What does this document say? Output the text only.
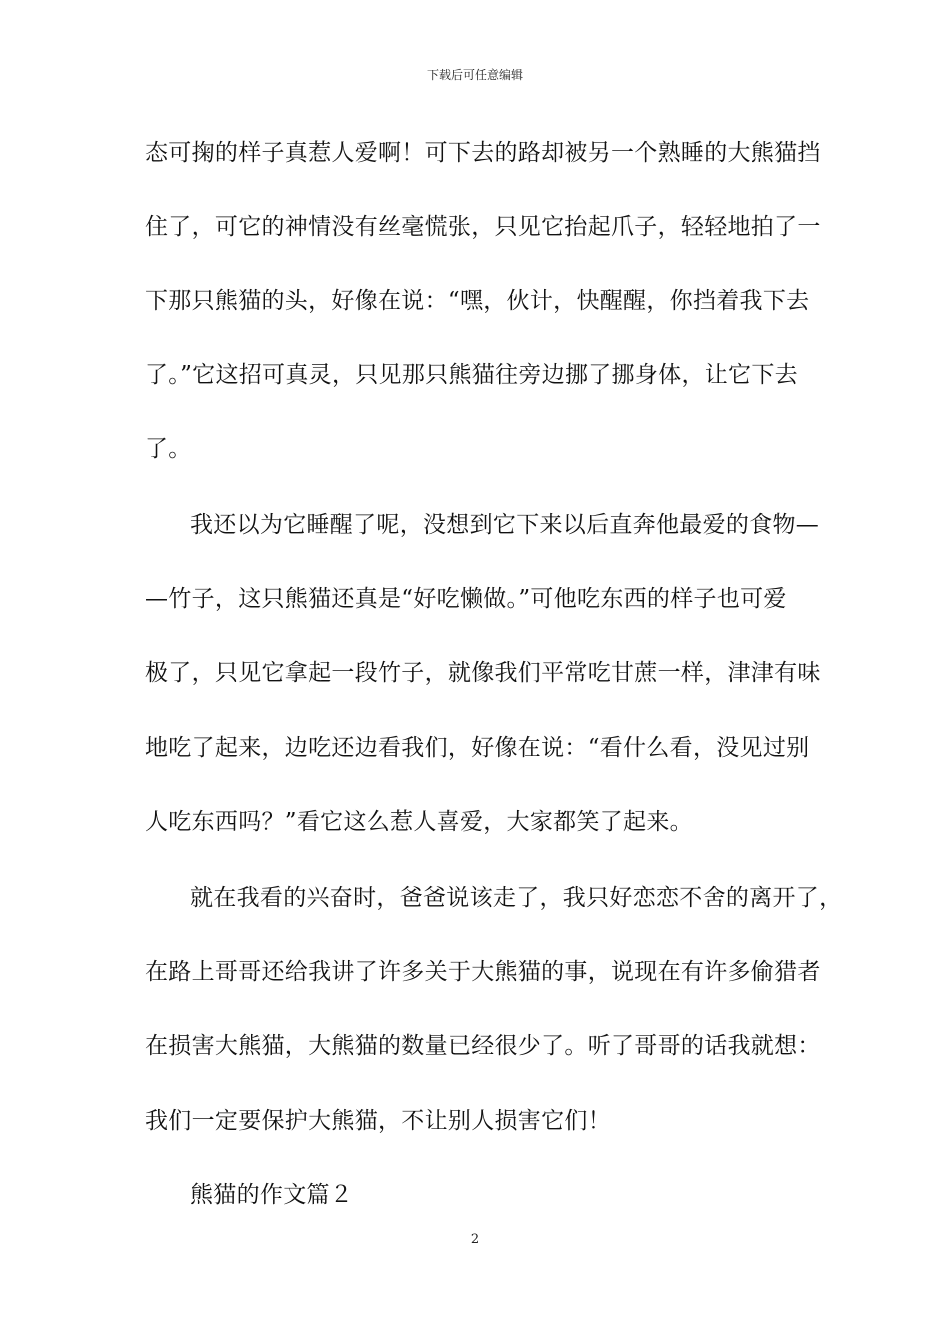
下载后可任意编辑
态可掬的样子真惹人爱啊！可下去的路却被另一个熟睡的大熊猫挡
住了，可它的神情没有丝毫慌张，只见它抬起爪子，轻轻地拍了一
下那只熊猫的头，好像在说：“嘿，伙计，快醒醒，你挡着我下去
了。”它这招可真灵，只见那只熊猫往旁边挪了挪身体，让它下去
了。
我还以为它睡醒了呢，没想到它下来以后直奔他最爱的食物—
—竹子，这只熊猫还真是“好吃懒做。”可他吃东西的样子也可爱
极了，只见它拿起一段竹子，就像我们平常吃甘蔗一样，津津有味
地吃了起来，边吃还边看我们，好像在说：“看什么看，没见过别
人吃东西吗？”看它这么惹人喜爱，大家都笑了起来。
就在我看的兴奋时，爸爸说该走了，我只好恋恋不舍的离开了，
在路上哥哥还给我讲了许多关于大熊猫的事，说现在有许多偷猎者
在损害大熊猫，大熊猫的数量已经很少了。听了哥哥的话我就想：
我们一定要保护大熊猫，不让别人损害它们！
熊猫的作文篇２
2
